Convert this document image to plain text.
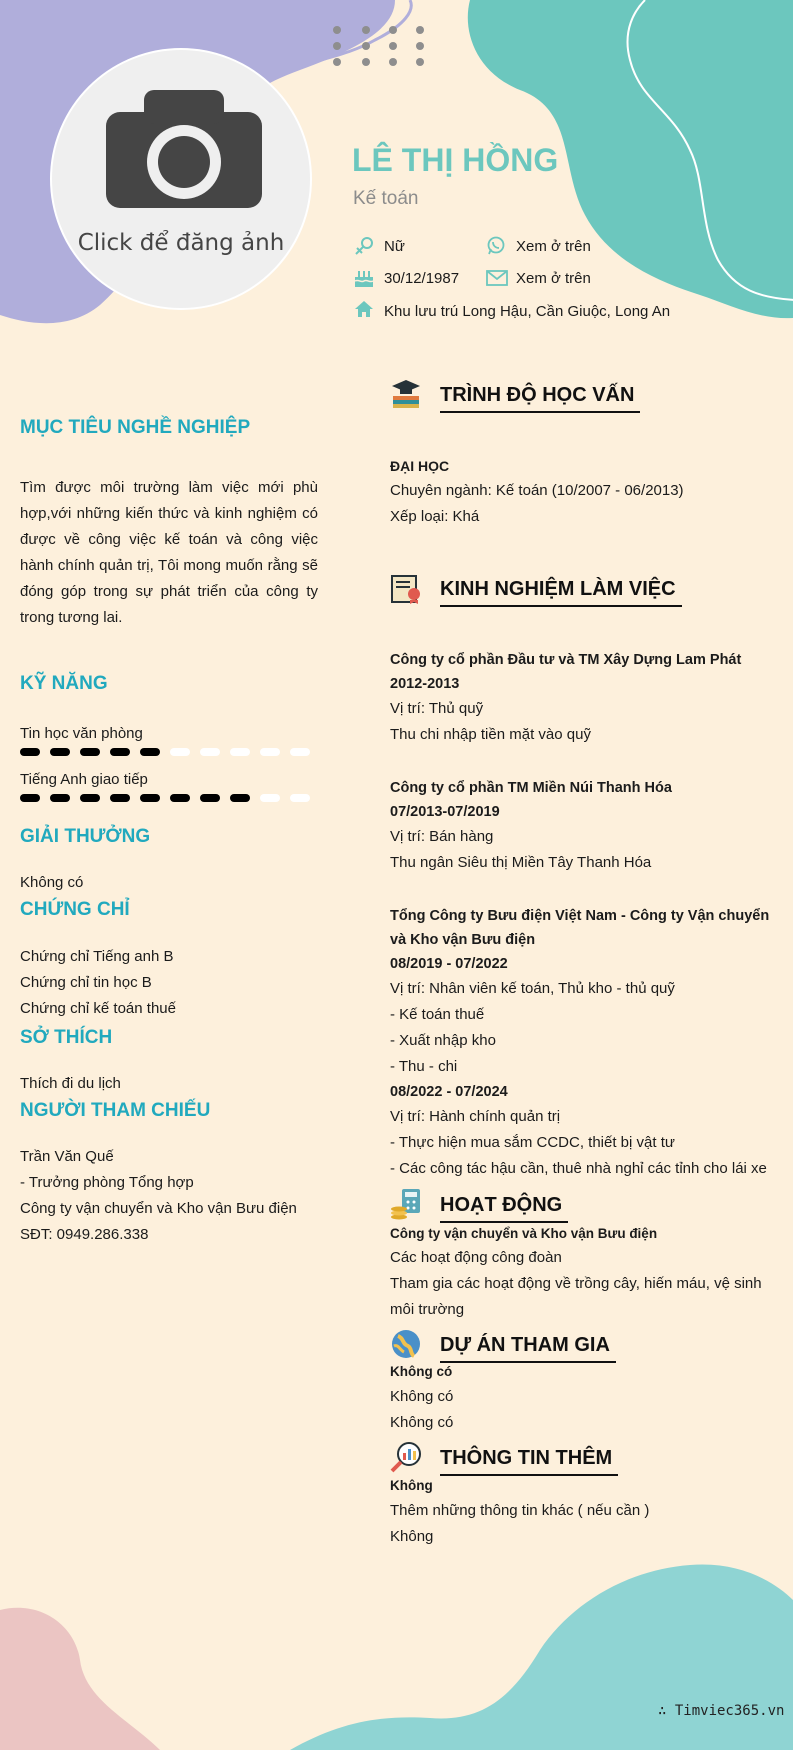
Click để đăng ảnh
LÊ THỊ HỒNG
Kế toán
Nữ	Xem ở trên
30/12/1987	Xem ở trên
Khu lưu trú Long Hậu, Cần Giuộc, Long An
MỤC TIÊU NGHỀ NGHIỆP
Tìm được môi trường làm việc mới phù hợp,với những kiến thức và kinh nghiệm có được về công việc kế toán và công việc hành chính quản trị, Tôi mong muốn rằng sẽ đóng góp trong sự phát triển của công ty trong tương lai.
KỸ NĂNG
Tin học văn phòng
Tiếng Anh giao tiếp
GIẢI THƯỞNG
Không có
CHỨNG CHỈ
Chứng chỉ Tiếng anh B
Chứng chỉ tin học B
Chứng chỉ kế toán thuế
SỞ THÍCH
Thích đi du lịch
NGƯỜI THAM CHIẾU
Trần Văn Quế
- Trưởng phòng Tổng hợp
Công ty vận chuyển và Kho vận Bưu điện
SĐT: 0949.286.338
TRÌNH ĐỘ HỌC VẤN
ĐẠI HỌC
Chuyên ngành: Kế toán (10/2007 - 06/2013)
Xếp loại: Khá
KINH NGHIỆM LÀM VIỆC
Công ty cổ phần Đầu tư và TM Xây Dựng Lam Phát
2012-2013
Vị trí: Thủ quỹ
Thu chi nhập tiền mặt vào quỹ
Công ty cổ phần TM Miền Núi Thanh Hóa
07/2013-07/2019
Vị trí: Bán hàng
Thu ngân Siêu thị Miền Tây Thanh Hóa
Tổng Công ty Bưu điện Việt Nam - Công ty Vận chuyển
và Kho vận Bưu điện
08/2019 - 07/2022
Vị trí: Nhân viên kế toán, Thủ kho - thủ quỹ
- Kế toán thuế
- Xuất nhập kho
- Thu - chi
08/2022 - 07/2024
Vị trí: Hành chính quản trị
- Thực hiện mua sắm CCDC, thiết bị vật tư
- Các công tác hậu cần, thuê nhà nghỉ các tỉnh cho lái xe
HOẠT ĐỘNG
Công ty vận chuyển và Kho vận Bưu điện
Các hoạt động công đoàn
Tham gia các hoạt động về trồng cây, hiến máu, vệ sinh
môi trường
DỰ ÁN THAM GIA
Không có
Không có
Không có
THÔNG TIN THÊM
Không
Thêm những thông tin khác ( nếu cần )
Không
∴ Timviec365.vn
